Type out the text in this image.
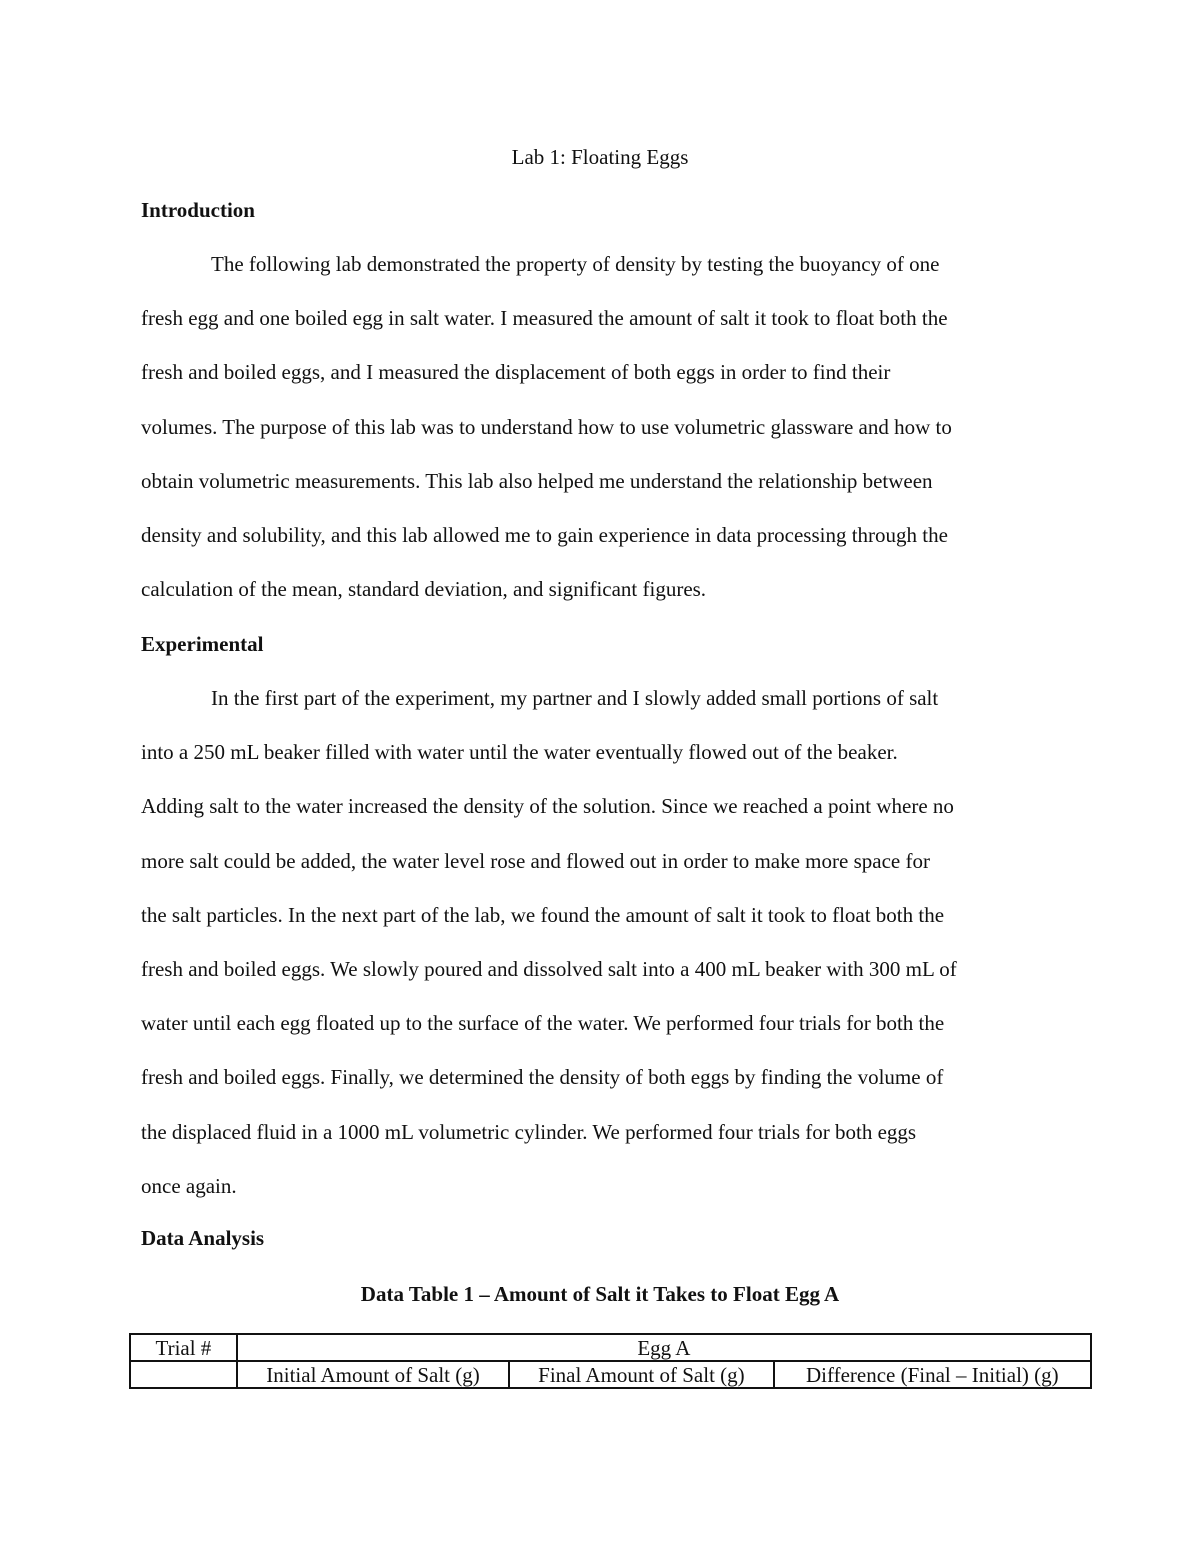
Lab 1: Floating Eggs
Introduction
The following lab demonstrated the property of density by testing the buoyancy of one
fresh egg and one boiled egg in salt water. I measured the amount of salt it took to float both the
fresh and boiled eggs, and I measured the displacement of both eggs in order to find their
volumes. The purpose of this lab was to understand how to use volumetric glassware and how to
obtain volumetric measurements. This lab also helped me understand the relationship between
density and solubility, and this lab allowed me to gain experience in data processing through the
calculation of the mean, standard deviation, and significant figures.
Experimental
In the first part of the experiment, my partner and I slowly added small portions of salt
into a 250 mL beaker filled with water until the water eventually flowed out of the beaker.
Adding salt to the water increased the density of the solution. Since we reached a point where no
more salt could be added, the water level rose and flowed out in order to make more space for
the salt particles. In the next part of the lab, we found the amount of salt it took to float both the
fresh and boiled eggs. We slowly poured and dissolved salt into a 400 mL beaker with 300 mL of
water until each egg floated up to the surface of the water. We performed four trials for both the
fresh and boiled eggs. Finally, we determined the density of both eggs by finding the volume of
the displaced fluid in a 1000 mL volumetric cylinder. We performed four trials for both eggs
once again.
Data Analysis
Data Table 1 – Amount of Salt it Takes to Float Egg A
Trial #	Egg A		
	Initial Amount of Salt (g)	Final Amount of Salt (g)	Difference (Final – Initial) (g)
